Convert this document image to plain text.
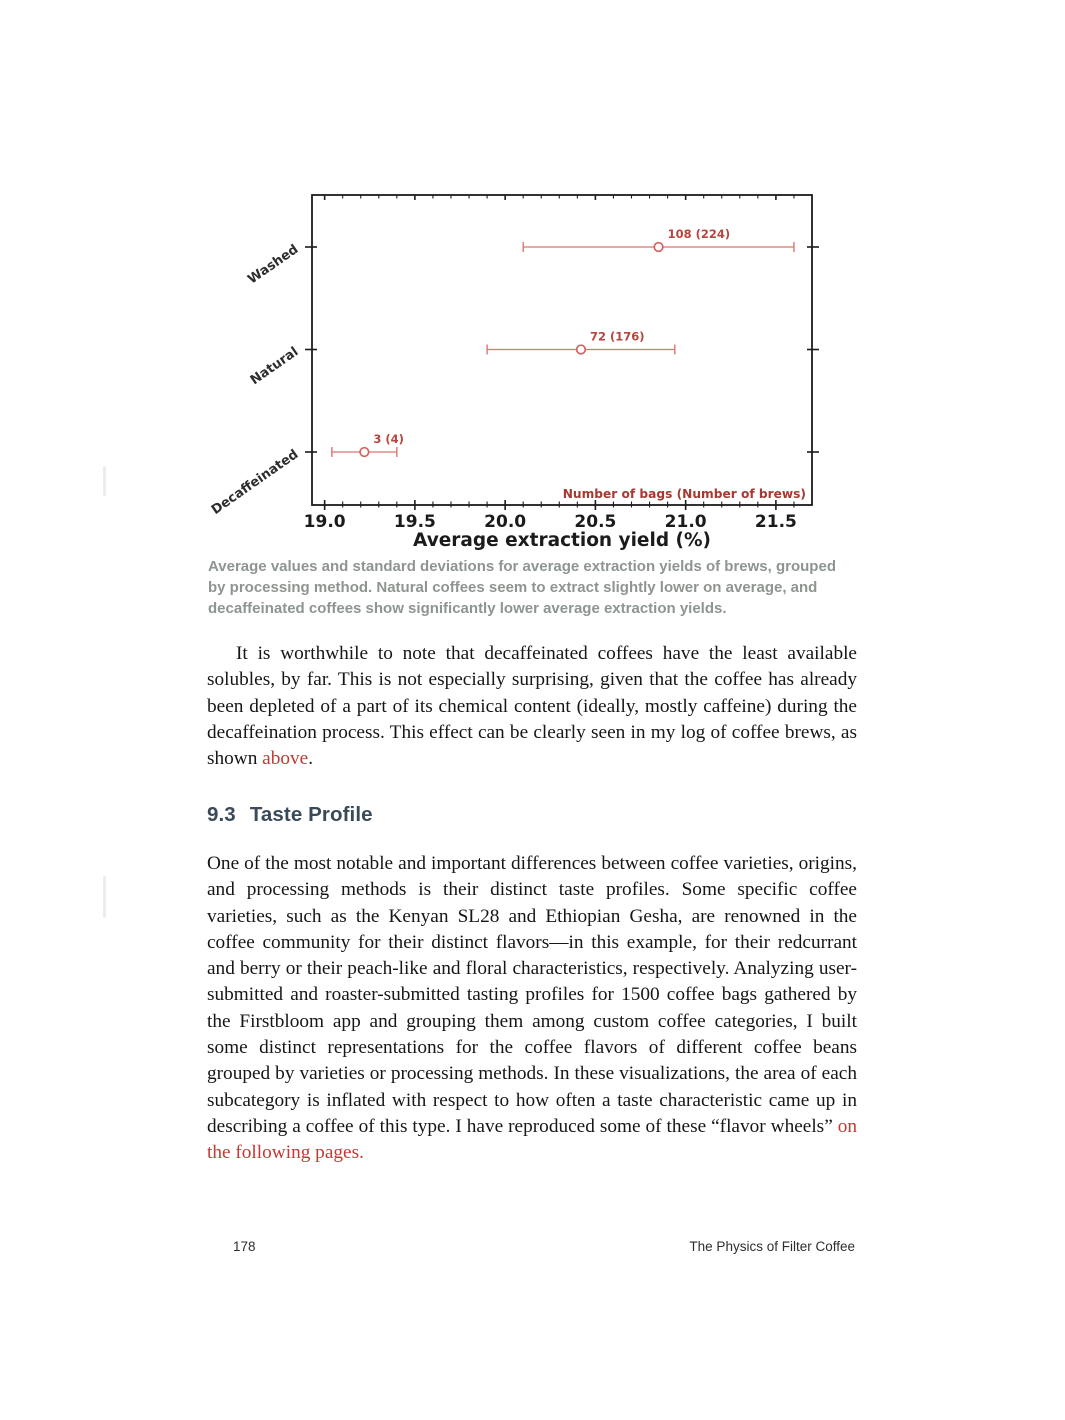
19.0	19.5	20.0	20.5	21.0	21.5
Average extraction yield (%)
Washed
Natural
Decaffeinated
108 (224)
72 (176)
3 (4)
Number of bags (Number of brews)

Average values and standard deviations for average extraction yields of brews, grouped by processing method. Natural coffees seem to extract slightly lower on average, and decaffeinated coffees show significantly lower average extraction yields.

It is worthwhile to note that decaffeinated coffees have the least available solubles, by far. This is not especially surprising, given that the coffee has already been depleted of a part of its chemical content (ideally, mostly caffeine) during the decaffeination process. This effect can be clearly seen in my log of coffee brews, as shown above.

9.3 Taste Profile

One of the most notable and important differences between coffee varieties, origins, and processing methods is their distinct taste profiles. Some specific coffee varieties, such as the Kenyan SL28 and Ethiopian Gesha, are renowned in the coffee community for their distinct flavors—in this example, for their redcurrant and berry or their peach-like and floral characteristics, respectively. Analyzing user-submitted and roaster-submitted tasting profiles for 1500 coffee bags gathered by the Firstbloom app and grouping them among custom coffee categories, I built some distinct representations for the coffee flavors of different coffee beans grouped by varieties or processing methods. In these visualizations, the area of each subcategory is inflated with respect to how often a taste characteristic came up in describing a coffee of this type. I have reproduced some of these “flavor wheels” on the following pages.

178	The Physics of Filter Coffee
